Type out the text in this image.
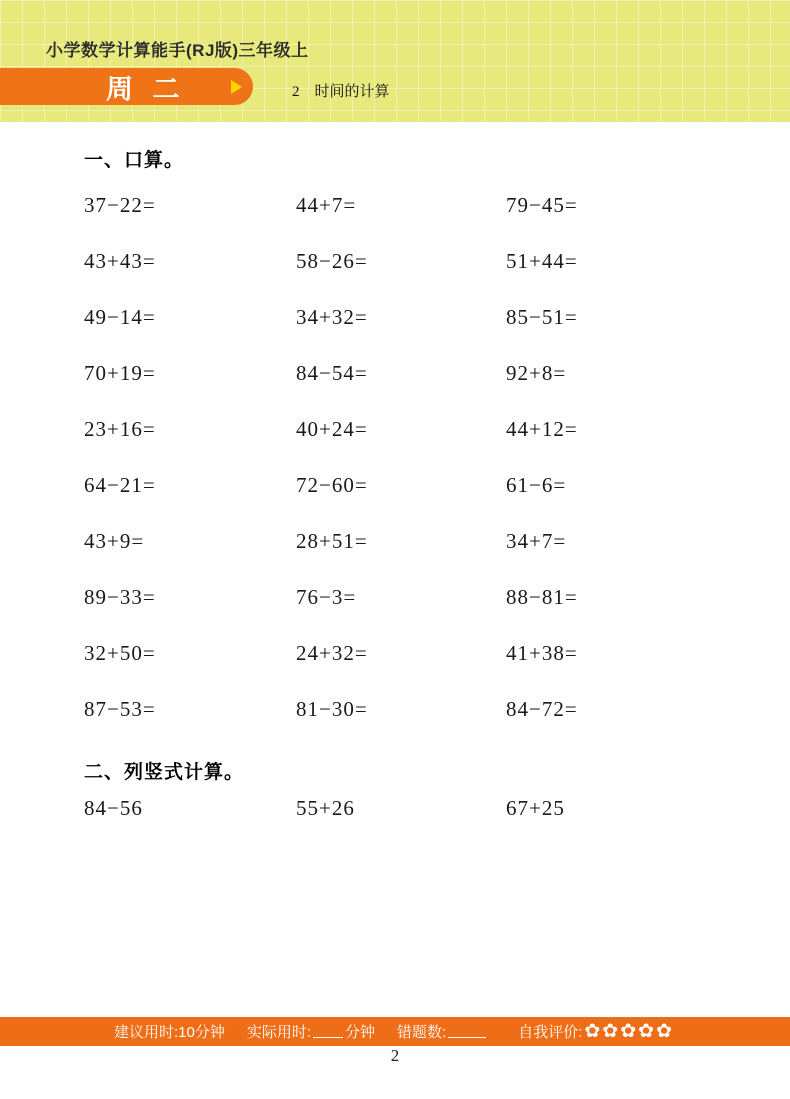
小学数学计算能手(RJ版)三年级上
周 二	2 时间的计算
一、口算。
37−22=	44+7=	79−45=
43+43=	58−26=	51+44=
49−14=	34+32=	85−51=
70+19=	84−54=	92+8=
23+16=	40+24=	44+12=
64−21=	72−60=	61−6=
43+9=	28+51=	34+7=
89−33=	76−3=	88−81=
32+50=	24+32=	41+38=
87−53=	81−30=	84−72=
二、列竖式计算。
84−56	55+26	67+25
建议用时:10分钟 实际用时: 分钟 错题数:	自我评价: ✿✿✿✿✿
2
